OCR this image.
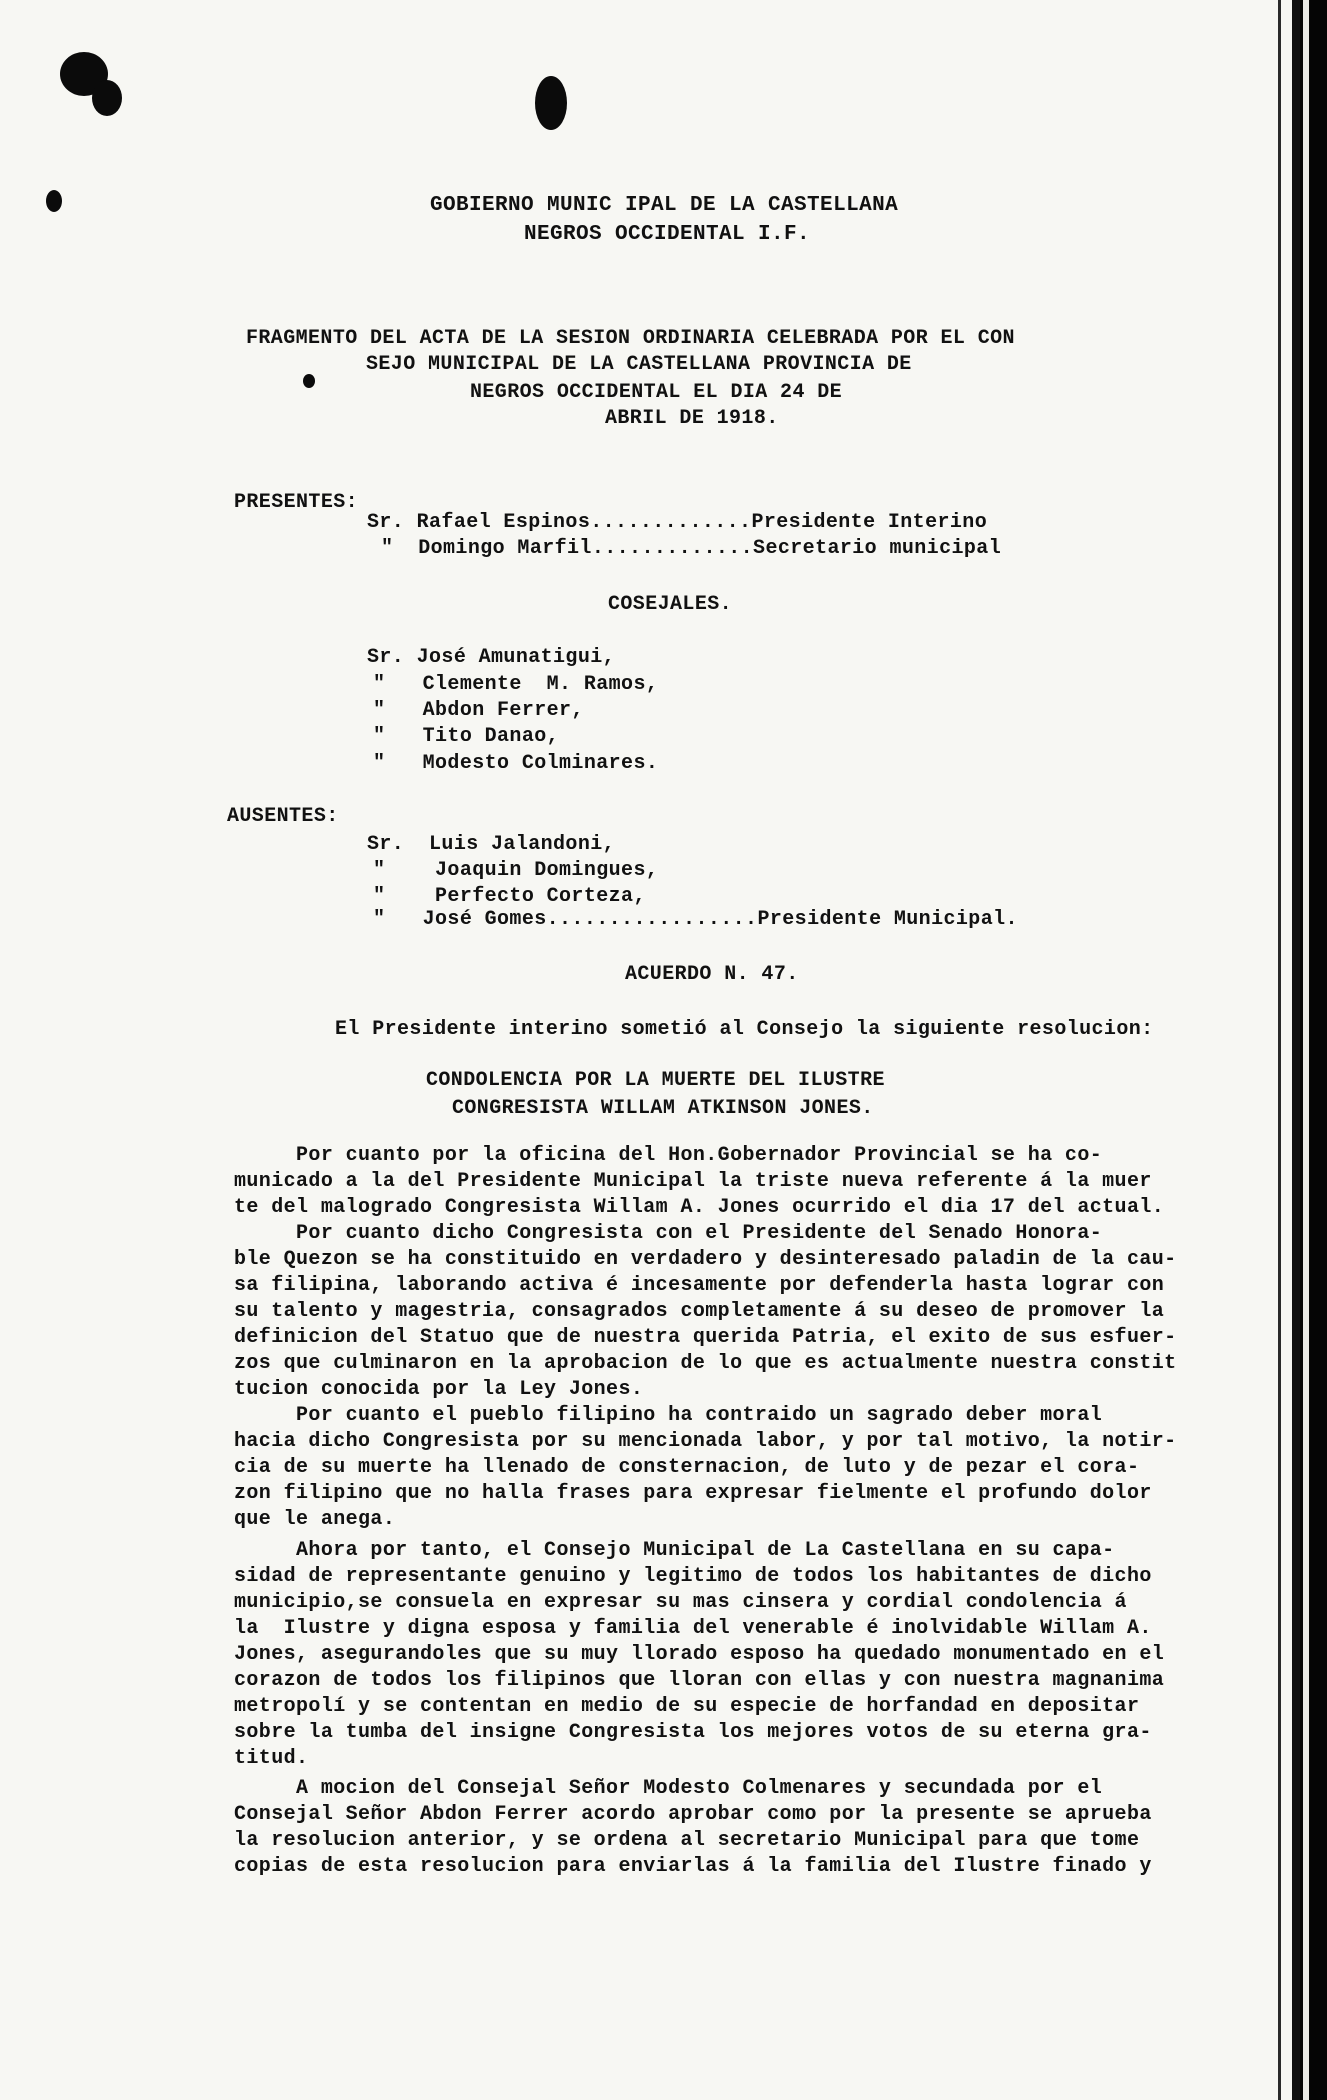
GOBIERNO MUNIC IPAL DE LA CASTELLANA

NEGROS OCCIDENTAL I.F.

FRAGMENTO DEL ACTA DE LA SESION ORDINARIA CELEBRADA POR EL CON

SEJO MUNICIPAL DE LA CASTELLANA PROVINCIA DE

NEGROS OCCIDENTAL EL DIA 24 DE

ABRIL DE 1918.

PRESENTES:

Sr. Rafael Espinos.............Presidente Interino

"  Domingo Marfil.............Secretario municipal

COSEJALES.

Sr. José Amunatigui,

"   Clemente  M. Ramos,

"   Abdon Ferrer,

"   Tito Danao,

"   Modesto Colminares.

AUSENTES:

Sr.  Luis Jalandoni,

"    Joaquin Domingues,

"    Perfecto Corteza,

"   José Gomes.................Presidente Municipal.

ACUERDO N. 47.

El Presidente interino sometió al Consejo la siguiente resolucion:

CONDOLENCIA POR LA MUERTE DEL ILUSTRE

CONGRESISTA WILLAM ATKINSON JONES.

Por cuanto por la oficina del Hon.Gobernador Provincial se ha co-

municado a la del Presidente Municipal la triste nueva referente á la muer

te del malogrado Congresista Willam A. Jones ocurrido el dia 17 del actual.

Por cuanto dicho Congresista con el Presidente del Senado Honora-

ble Quezon se ha constituido en verdadero y desinteresado paladin de la cau-

sa filipina, laborando activa é incesamente por defenderla hasta lograr con

su talento y magestria, consagrados completamente á su deseo de promover la

definicion del Statuo que de nuestra querida Patria, el exito de sus esfuer-

zos que culminaron en la aprobacion de lo que es actualmente nuestra constit

tucion conocida por la Ley Jones.

Por cuanto el pueblo filipino ha contraido un sagrado deber moral

hacia dicho Congresista por su mencionada labor, y por tal motivo, la notir-

cia de su muerte ha llenado de consternacion, de luto y de pezar el cora-

zon filipino que no halla frases para expresar fielmente el profundo dolor

que le anega.

Ahora por tanto, el Consejo Municipal de La Castellana en su capa-

sidad de representante genuino y legitimo de todos los habitantes de dicho

municipio,se consuela en expresar su mas cinsera y cordial condolencia á

la  Ilustre y digna esposa y familia del venerable é inolvidable Willam A.

Jones, asegurandoles que su muy llorado esposo ha quedado monumentado en el

corazon de todos los filipinos que lloran con ellas y con nuestra magnanima

metropolí y se contentan en medio de su especie de horfandad en depositar

sobre la tumba del insigne Congresista los mejores votos de su eterna gra-

titud.

A mocion del Consejal Señor Modesto Colmenares y secundada por el

Consejal Señor Abdon Ferrer acordo aprobar como por la presente se aprueba

la resolucion anterior, y se ordena al secretario Municipal para que tome

copias de esta resolucion para enviarlas á la familia del Ilustre finado y
